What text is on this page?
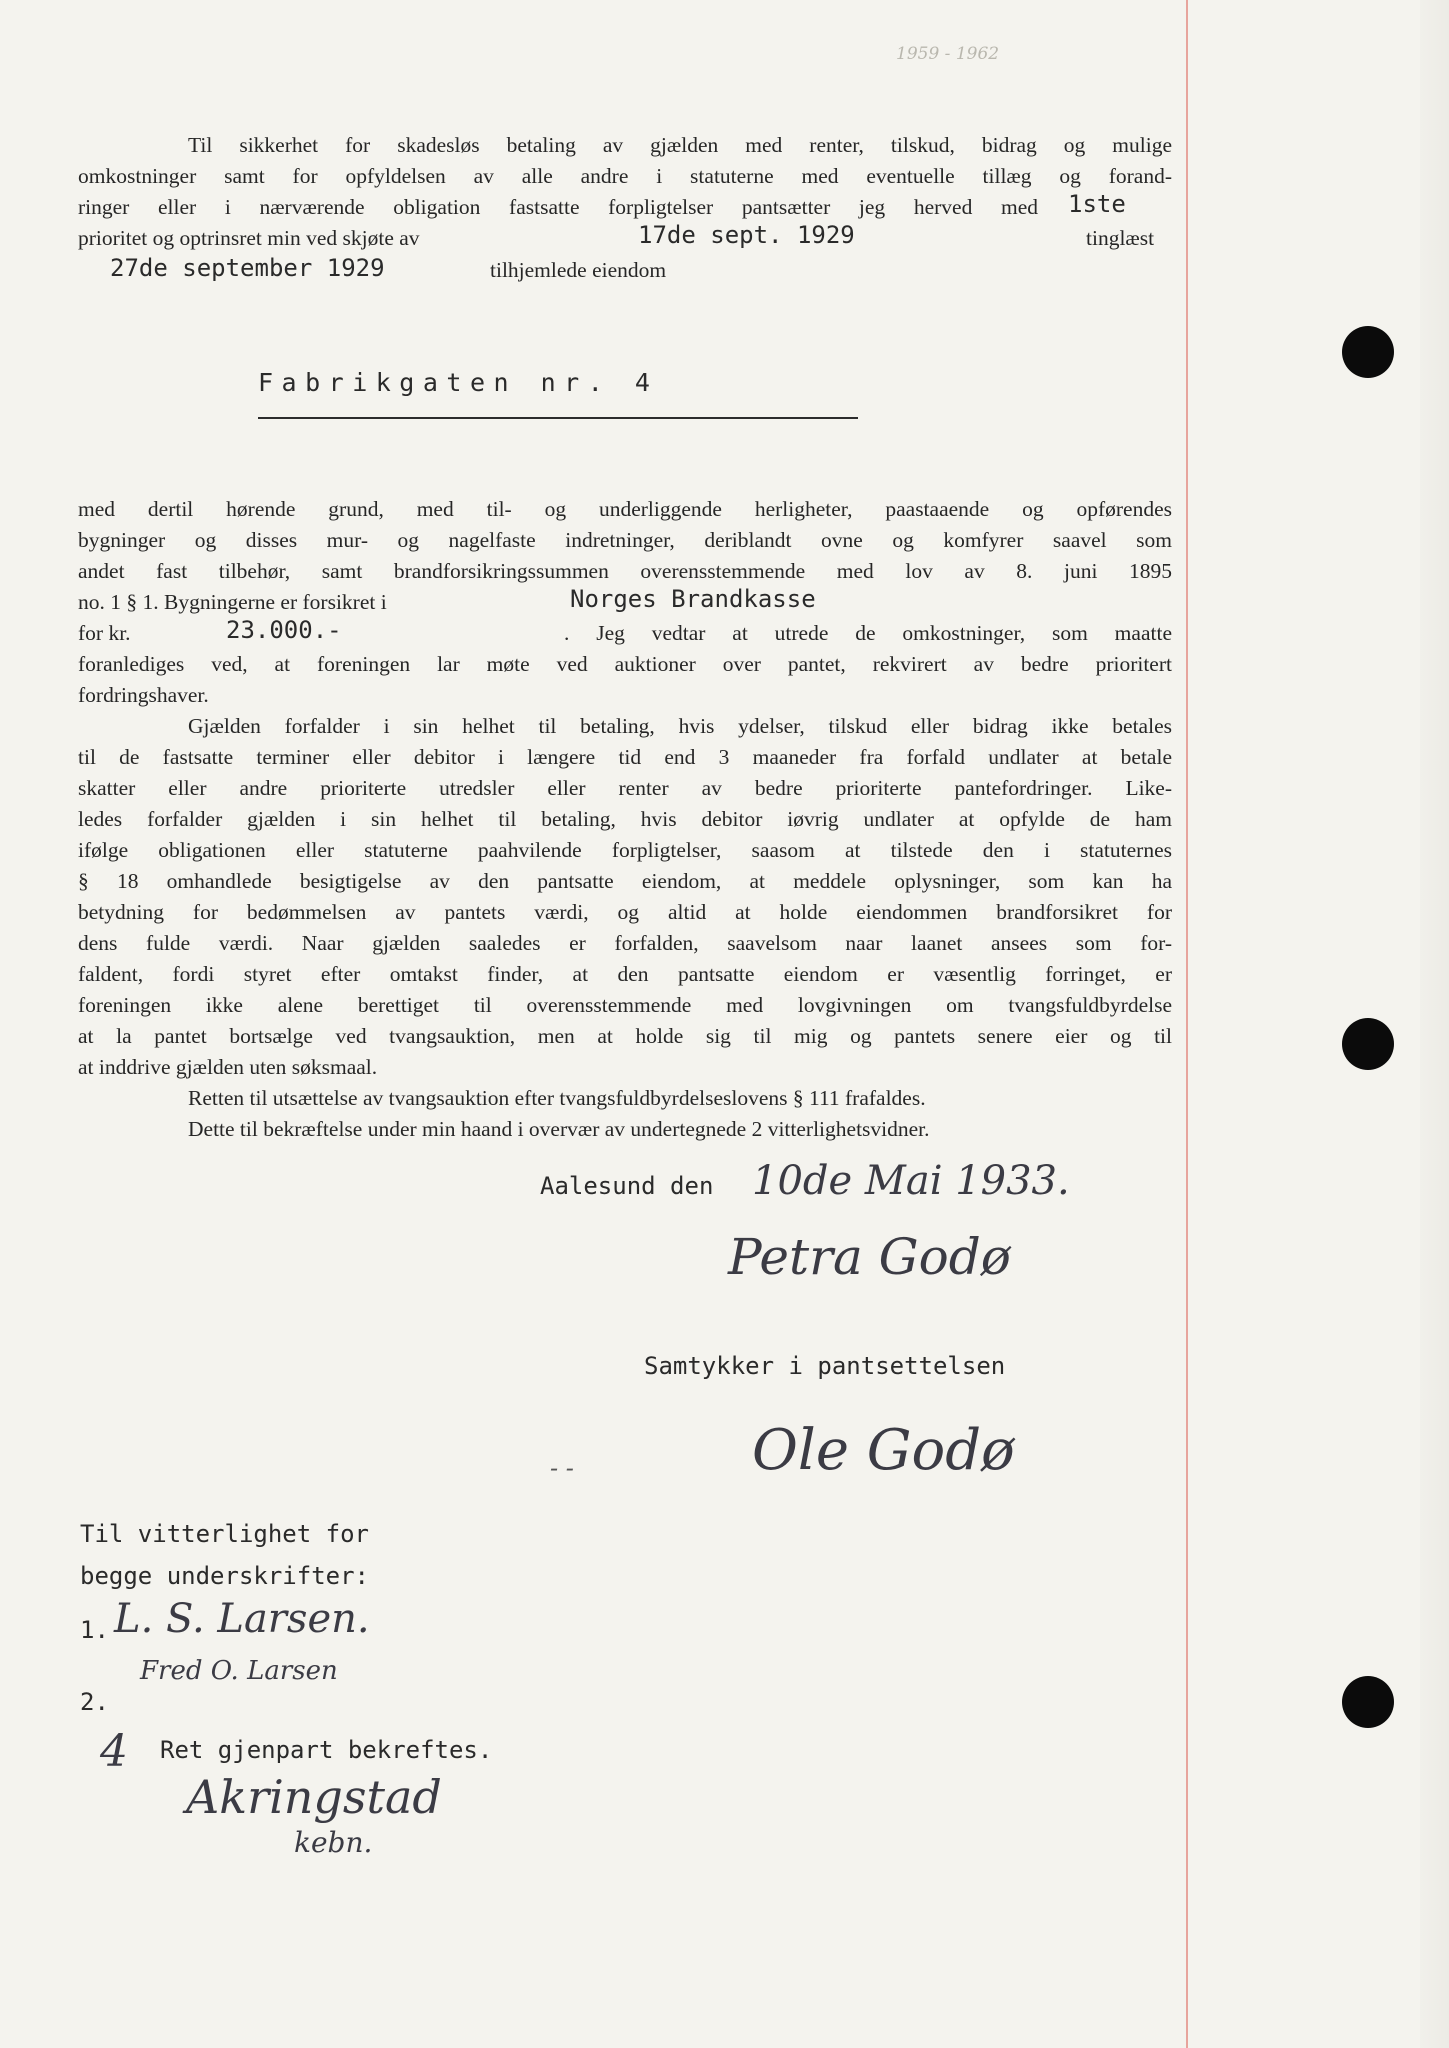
1959 - 1962
Til sikkerhet for skadesløs betaling av gjælden med renter, tilskud, bidrag og mulige
omkostninger samt for opfyldelsen av alle andre i statuterne med eventuelle tillæg og forand-
ringer eller i nærværende obligation fastsatte forpligtelser pantsætter jeg herved med 1ste
prioritet og optrinsret min ved skjøte av	17de sept. 1929	tinglæst
27de september 1929	tilhjemlede eiendom
Fabrikgaten nr. 4
med dertil hørende grund, med til- og underliggende herligheter, paastaaende og opførendes
bygninger og disses mur- og nagelfaste indretninger, deriblandt ovne og komfyrer saavel som
andet fast tilbehør, samt brandforsikringssummen overensstemmende med lov av 8. juni 1895
no. 1 § 1. Bygningerne er forsikret i	Norges Brandkasse
for kr.	23.000.-	. Jeg vedtar at utrede de omkostninger, som maatte
foranlediges ved, at foreningen lar møte ved auktioner over pantet, rekvirert av bedre prioritert
fordringshaver.
Gjælden forfalder i sin helhet til betaling, hvis ydelser, tilskud eller bidrag ikke betales
til de fastsatte terminer eller debitor i længere tid end 3 maaneder fra forfald undlater at betale
skatter eller andre prioriterte utredsler eller renter av bedre prioriterte pantefordringer. Like-
ledes forfalder gjælden i sin helhet til betaling, hvis debitor iøvrig undlater at opfylde de ham
ifølge obligationen eller statuterne paahvilende forpligtelser, saasom at tilstede den i statuternes
§ 18 omhandlede besigtigelse av den pantsatte eiendom, at meddele oplysninger, som kan ha
betydning for bedømmelsen av pantets værdi, og altid at holde eiendommen brandforsikret for
dens fulde værdi. Naar gjælden saaledes er forfalden, saavelsom naar laanet ansees som for-
faldent, fordi styret efter omtakst finder, at den pantsatte eiendom er væsentlig forringet, er
foreningen ikke alene berettiget til overensstemmende med lovgivningen om tvangsfuldbyrdelse
at la pantet bortsælge ved tvangsauktion, men at holde sig til mig og pantets senere eier og til
at inddrive gjælden uten søksmaal.
Retten til utsættelse av tvangsauktion efter tvangsfuldbyrdelseslovens § 111 frafaldes.
Dette til bekræftelse under min haand i overvær av undertegnede 2 vitterlighetsvidner.
Aalesund den 10de Mai 1933.
Petra Godø
Samtykker i pantsettelsen
- -	Ole Godø
Til vitterlighet for
begge underskrifter:
1. L. S. Larsen.
Fred O. Larsen
2.
4 Ret gjenpart bekreftes.
Akringstad
kebn.
